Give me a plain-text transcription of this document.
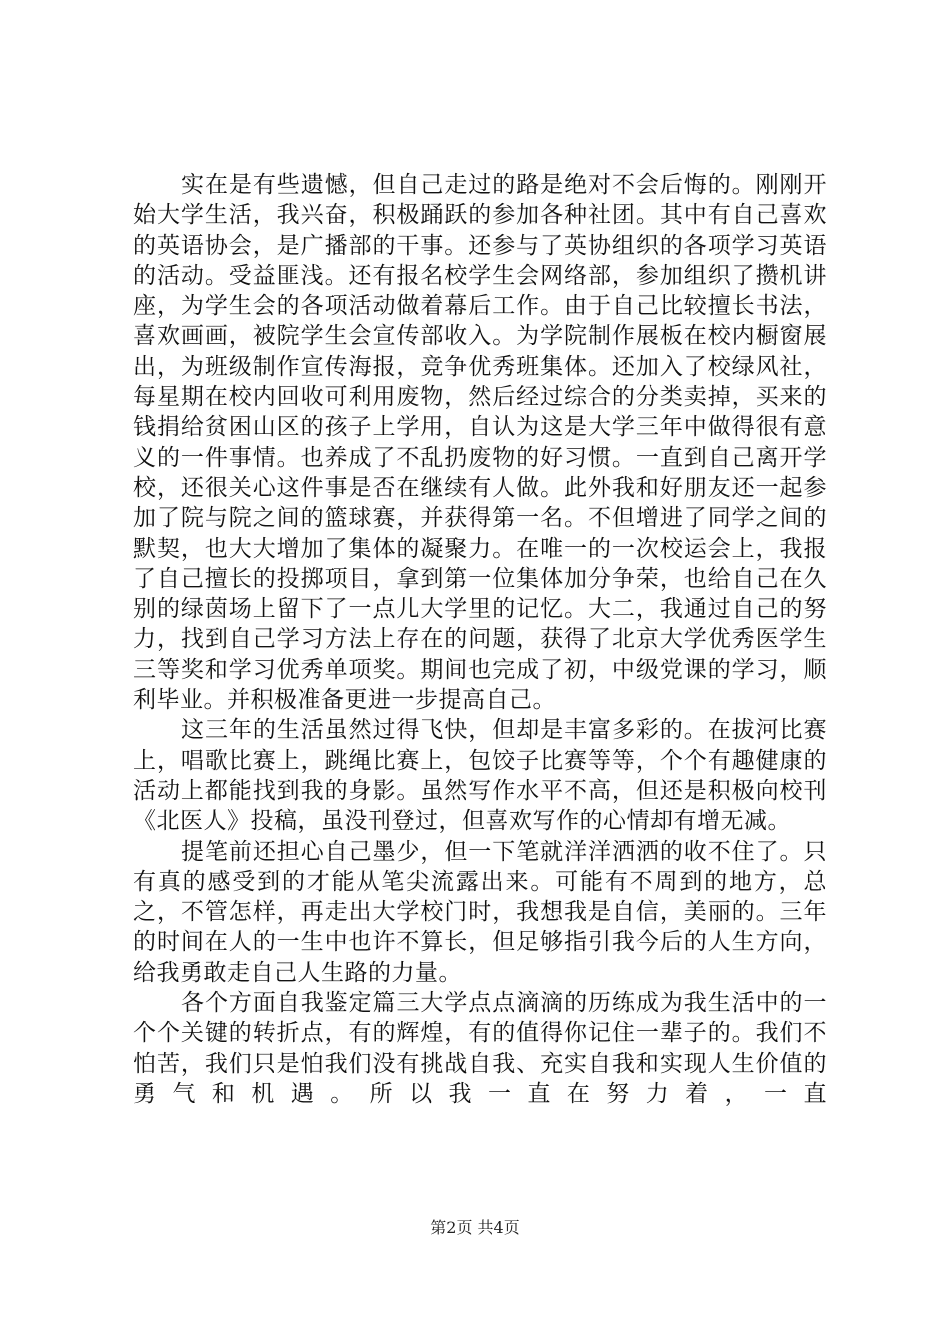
实在是有些遗憾，但自己走过的路是绝对不会后悔的。刚刚开始大学生活，我兴奋，积极踊跃的参加各种社团。其中有自己喜欢的英语协会，是广播部的干事。还参与了英协组织的各项学习英语的活动。受益匪浅。还有报名校学生会网络部，参加组织了攒机讲座，为学生会的各项活动做着幕后工作。由于自己比较擅长书法，喜欢画画，被院学生会宣传部收入。为学院制作展板在校内橱窗展出，为班级制作宣传海报，竞争优秀班集体。还加入了校绿风社，每星期在校内回收可利用废物，然后经过综合的分类卖掉，买来的钱捐给贫困山区的孩子上学用，自认为这是大学三年中做得很有意义的一件事情。也养成了不乱扔废物的好习惯。一直到自己离开学校，还很关心这件事是否在继续有人做。此外我和好朋友还一起参加了院与院之间的篮球赛，并获得第一名。不但增进了同学之间的默契，也大大增加了集体的凝聚力。在唯一的一次校运会上，我报了自己擅长的投掷项目，拿到第一位集体加分争荣，也给自己在久别的绿茵场上留下了一点儿大学里的记忆。大二，我通过自己的努力，找到自己学习方法上存在的问题，获得了北京大学优秀医学生三等奖和学习优秀单项奖。期间也完成了初，中级党课的学习，顺利毕业。并积极准备更进一步提高自己。

这三年的生活虽然过得飞快，但却是丰富多彩的。在拔河比赛上，唱歌比赛上，跳绳比赛上，包饺子比赛等等，个个有趣健康的活动上都能找到我的身影。虽然写作水平不高，但还是积极向校刊《北医人》投稿，虽没刊登过，但喜欢写作的心情却有增无减。

提笔前还担心自己墨少，但一下笔就洋洋洒洒的收不住了。只有真的感受到的才能从笔尖流露出来。可能有不周到的地方，总之，不管怎样，再走出大学校门时，我想我是自信，美丽的。三年的时间在人的一生中也许不算长，但足够指引我今后的人生方向，给我勇敢走自己人生路的力量。

各个方面自我鉴定篇三大学点点滴滴的历练成为我生活中的一个个关键的转折点，有的辉煌，有的值得你记住一辈子的。我们不怕苦，我们只是怕我们没有挑战自我、充实自我和实现人生价值的勇气和机遇。所以我一直在努力着，一直

第2页 共4页
